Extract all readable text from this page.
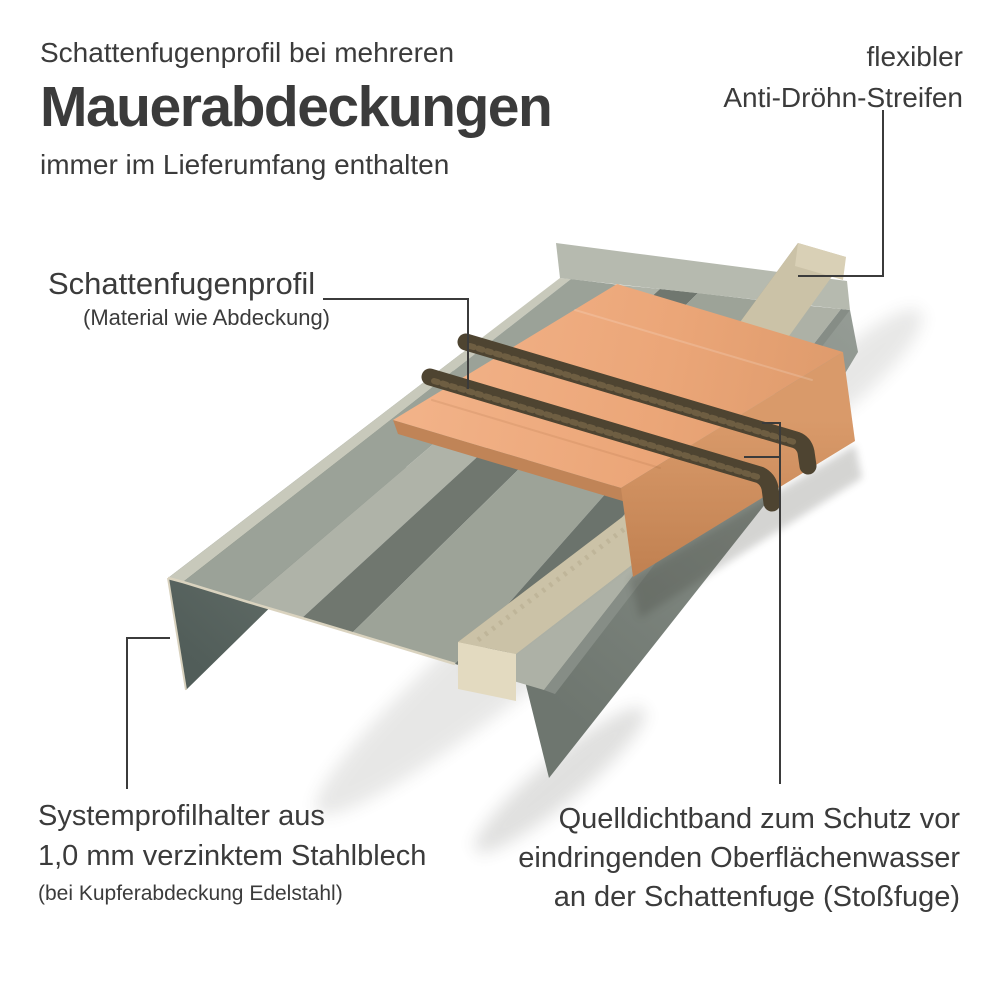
Schattenfugenprofil bei mehreren
Mauerabdeckungen
immer im Lieferumfang enthalten
flexibler
Anti-Dröhn-Streifen
Schattenfugenprofil
(Material wie Abdeckung)
Systemprofilhalter aus
1,0 mm verzinktem Stahlblech
(bei Kupferabdeckung Edelstahl)
Quelldichtband zum Schutz vor
eindringenden Oberflächenwasser
an der Schattenfuge (Stoßfuge)
